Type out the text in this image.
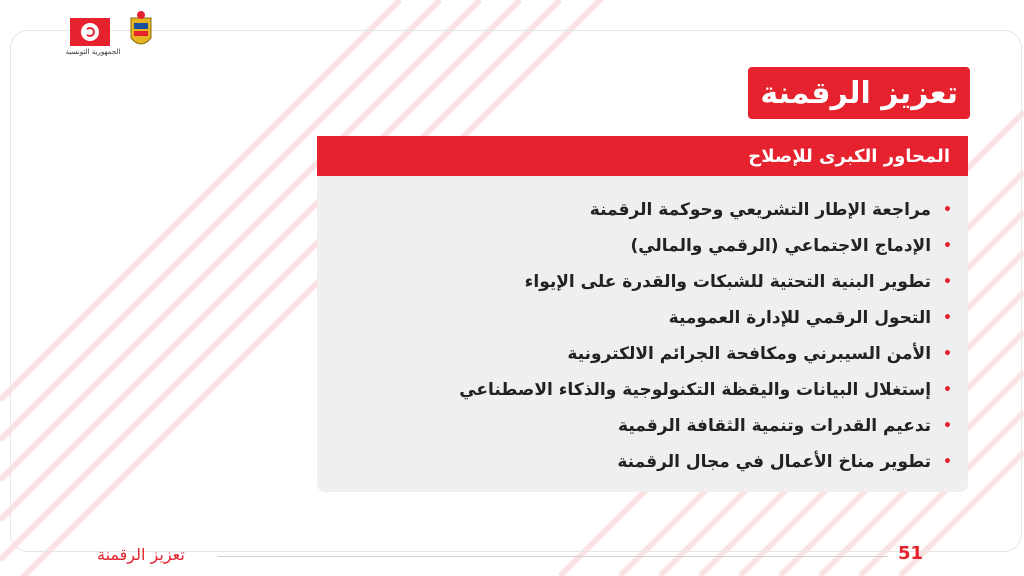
الجمهورية التونسية
تعزيز الرقمنة
المحاور الكبرى للإصلاح
•
مراجعة الإطار التشريعي وحوكمة الرقمنة
•
الإدماج الاجتماعي (الرقمي والمالي)
•
تطوير البنية التحتية للشبكات والقدرة على الإيواء
•
التحول الرقمي للإدارة العمومية
•
الأمن السيبرني ومكافحة الجرائم الالكترونية
•
إستغلال البيانات واليقظة التكنولوجية والذكاء الاصطناعي
•
تدعيم القدرات وتنمية الثقافة الرقمية
•
تطوير مناخ الأعمال في مجال الرقمنة
تعزيز الرقمنة	51
